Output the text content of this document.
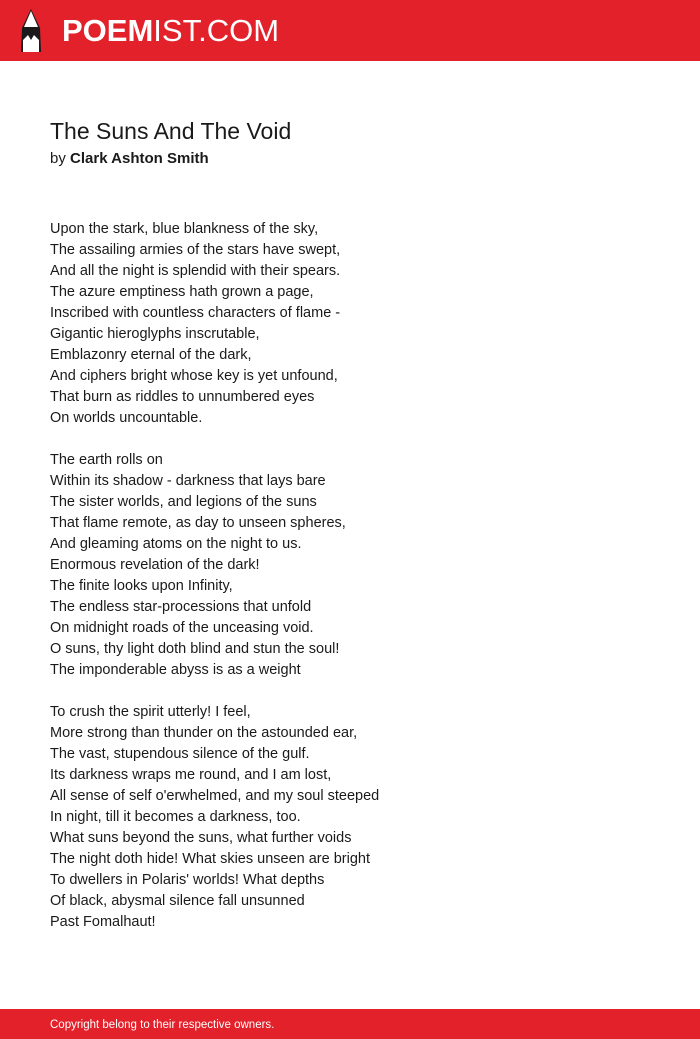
POEMIST.COM
The Suns And The Void
by Clark Ashton Smith
Upon the stark, blue blankness of the sky,
The assailing armies of the stars have swept,
And all the night is splendid with their spears.
The azure emptiness hath grown a page,
Inscribed with countless characters of flame -
Gigantic hieroglyphs inscrutable,
Emblazonry eternal of the dark,
And ciphers bright whose key is yet unfound,
That burn as riddles to unnumbered eyes
On worlds uncountable.
The earth rolls on
Within its shadow - darkness that lays bare
The sister worlds, and legions of the suns
That flame remote, as day to unseen spheres,
And gleaming atoms on the night to us.
Enormous revelation of the dark!
The finite looks upon Infinity,
The endless star-processions that unfold
On midnight roads of the unceasing void.
O suns, thy light doth blind and stun the soul!
The imponderable abyss is as a weight
To crush the spirit utterly! I feel,
More strong than thunder on the astounded ear,
The vast, stupendous silence of the gulf.
Its darkness wraps me round, and I am lost,
All sense of self o'erwhelmed, and my soul steeped
In night, till it becomes a darkness, too.
What suns beyond the suns, what further voids
The night doth hide! What skies unseen are bright
To dwellers in Polaris' worlds! What depths
Of black, abysmal silence fall unsunned
Past Fomalhaut!
Copyright belong to their respective owners.
